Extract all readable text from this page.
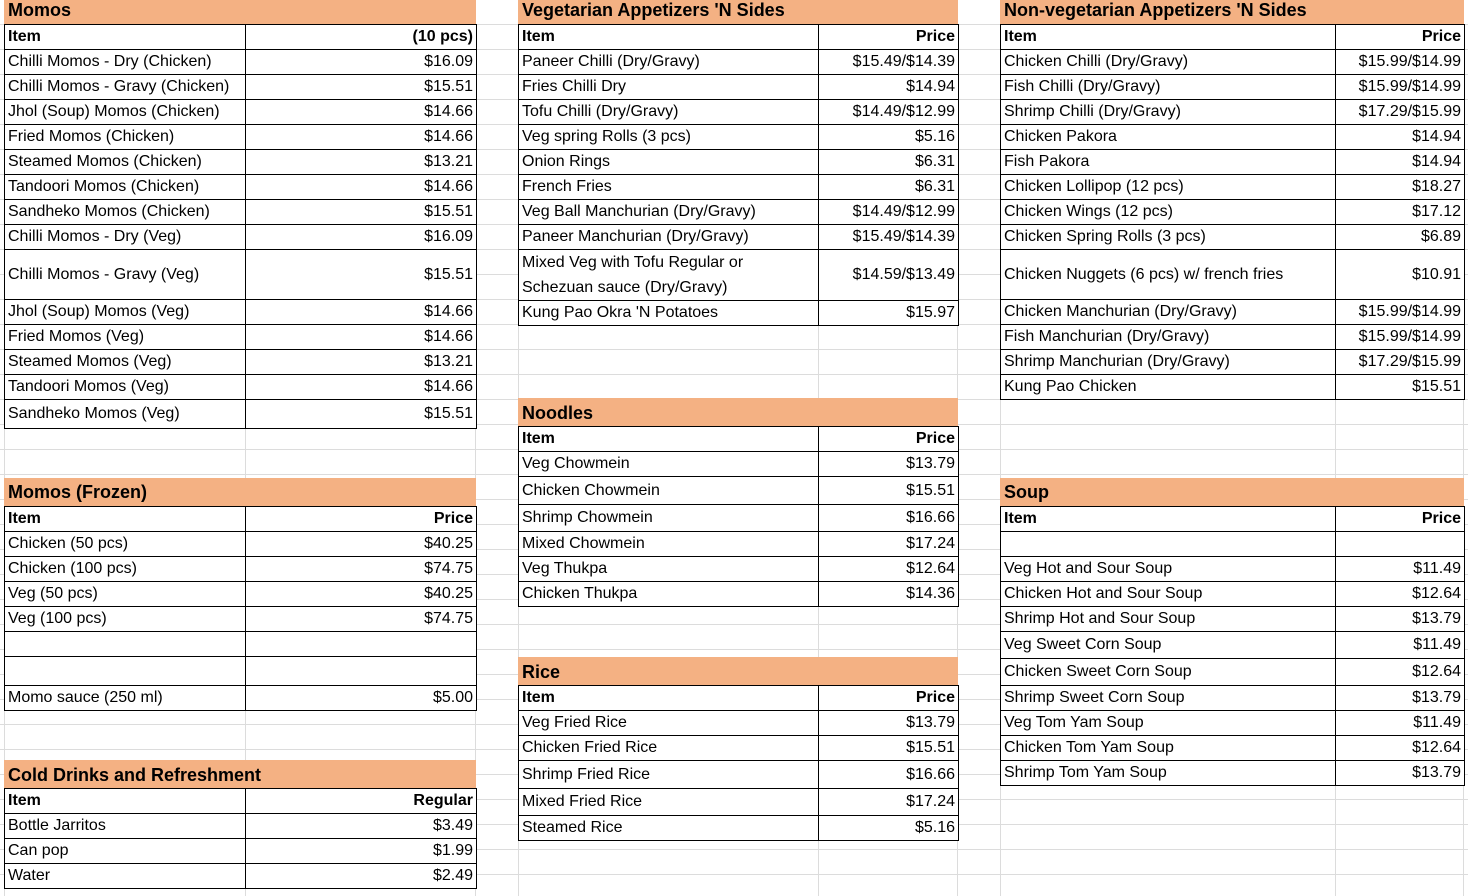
Momos
Item	(10 pcs)
Chilli Momos - Dry (Chicken)	$16.09
Chilli Momos - Gravy (Chicken)	$15.51
Jhol (Soup) Momos (Chicken)	$14.66
Fried Momos (Chicken)	$14.66
Steamed Momos (Chicken)	$13.21
Tandoori Momos (Chicken)	$14.66
Sandheko Momos (Chicken)	$15.51
Chilli Momos - Dry (Veg)	$16.09
Chilli Momos - Gravy (Veg)	$15.51
Jhol (Soup) Momos (Veg)	$14.66
Fried Momos (Veg)	$14.66
Steamed Momos (Veg)	$13.21
Tandoori Momos (Veg)	$14.66
Sandheko Momos (Veg)	$15.51
Momos (Frozen)
Item	Price
Chicken (50 pcs)	$40.25
Chicken (100 pcs)	$74.75
Veg (50 pcs)	$40.25
Veg (100 pcs)	$74.75

Momo sauce (250 ml)	$5.00
Cold Drinks and Refreshment
Item	Regular
Bottle Jarritos	$3.49
Can pop	$1.99
Water	$2.49
Vegetarian Appetizers 'N Sides
Item	Price
Paneer Chilli (Dry/Gravy)	$15.49/$14.39
Fries Chilli Dry	$14.94
Tofu Chilli (Dry/Gravy)	$14.49/$12.99
Veg spring Rolls (3 pcs)	$5.16
Onion Rings	$6.31
French Fries	$6.31
Veg Ball Manchurian (Dry/Gravy)	$14.49/$12.99
Paneer Manchurian (Dry/Gravy)	$15.49/$14.39
Mixed Veg with Tofu Regular or Schezuan sauce (Dry/Gravy)	$14.59/$13.49
Kung Pao Okra 'N Potatoes	$15.97
Noodles
Item	Price
Veg Chowmein	$13.79
Chicken Chowmein	$15.51
Shrimp Chowmein	$16.66
Mixed Chowmein	$17.24
Veg Thukpa	$12.64
Chicken Thukpa	$14.36
Rice
Item	Price
Veg Fried Rice	$13.79
Chicken Fried Rice	$15.51
Shrimp Fried Rice	$16.66
Mixed Fried Rice	$17.24
Steamed Rice	$5.16
Non-vegetarian Appetizers 'N Sides
Item	Price
Chicken Chilli (Dry/Gravy)	$15.99/$14.99
Fish Chilli (Dry/Gravy)	$15.99/$14.99
Shrimp Chilli (Dry/Gravy)	$17.29/$15.99
Chicken Pakora	$14.94
Fish Pakora	$14.94
Chicken Lollipop (12 pcs)	$18.27
Chicken Wings (12 pcs)	$17.12
Chicken Spring Rolls (3 pcs)	$6.89
Chicken Nuggets (6 pcs) w/ french fries	$10.91
Chicken Manchurian (Dry/Gravy)	$15.99/$14.99
Fish Manchurian (Dry/Gravy)	$15.99/$14.99
Shrimp Manchurian (Dry/Gravy)	$17.29/$15.99
Kung Pao Chicken	$15.51
Soup
Item	Price

Veg Hot and Sour Soup	$11.49
Chicken Hot and Sour Soup	$12.64
Shrimp Hot and Sour Soup	$13.79
Veg Sweet Corn Soup	$11.49
Chicken Sweet Corn Soup	$12.64
Shrimp Sweet Corn Soup	$13.79
Veg Tom Yam Soup	$11.49
Chicken Tom Yam Soup	$12.64
Shrimp Tom Yam Soup	$13.79
